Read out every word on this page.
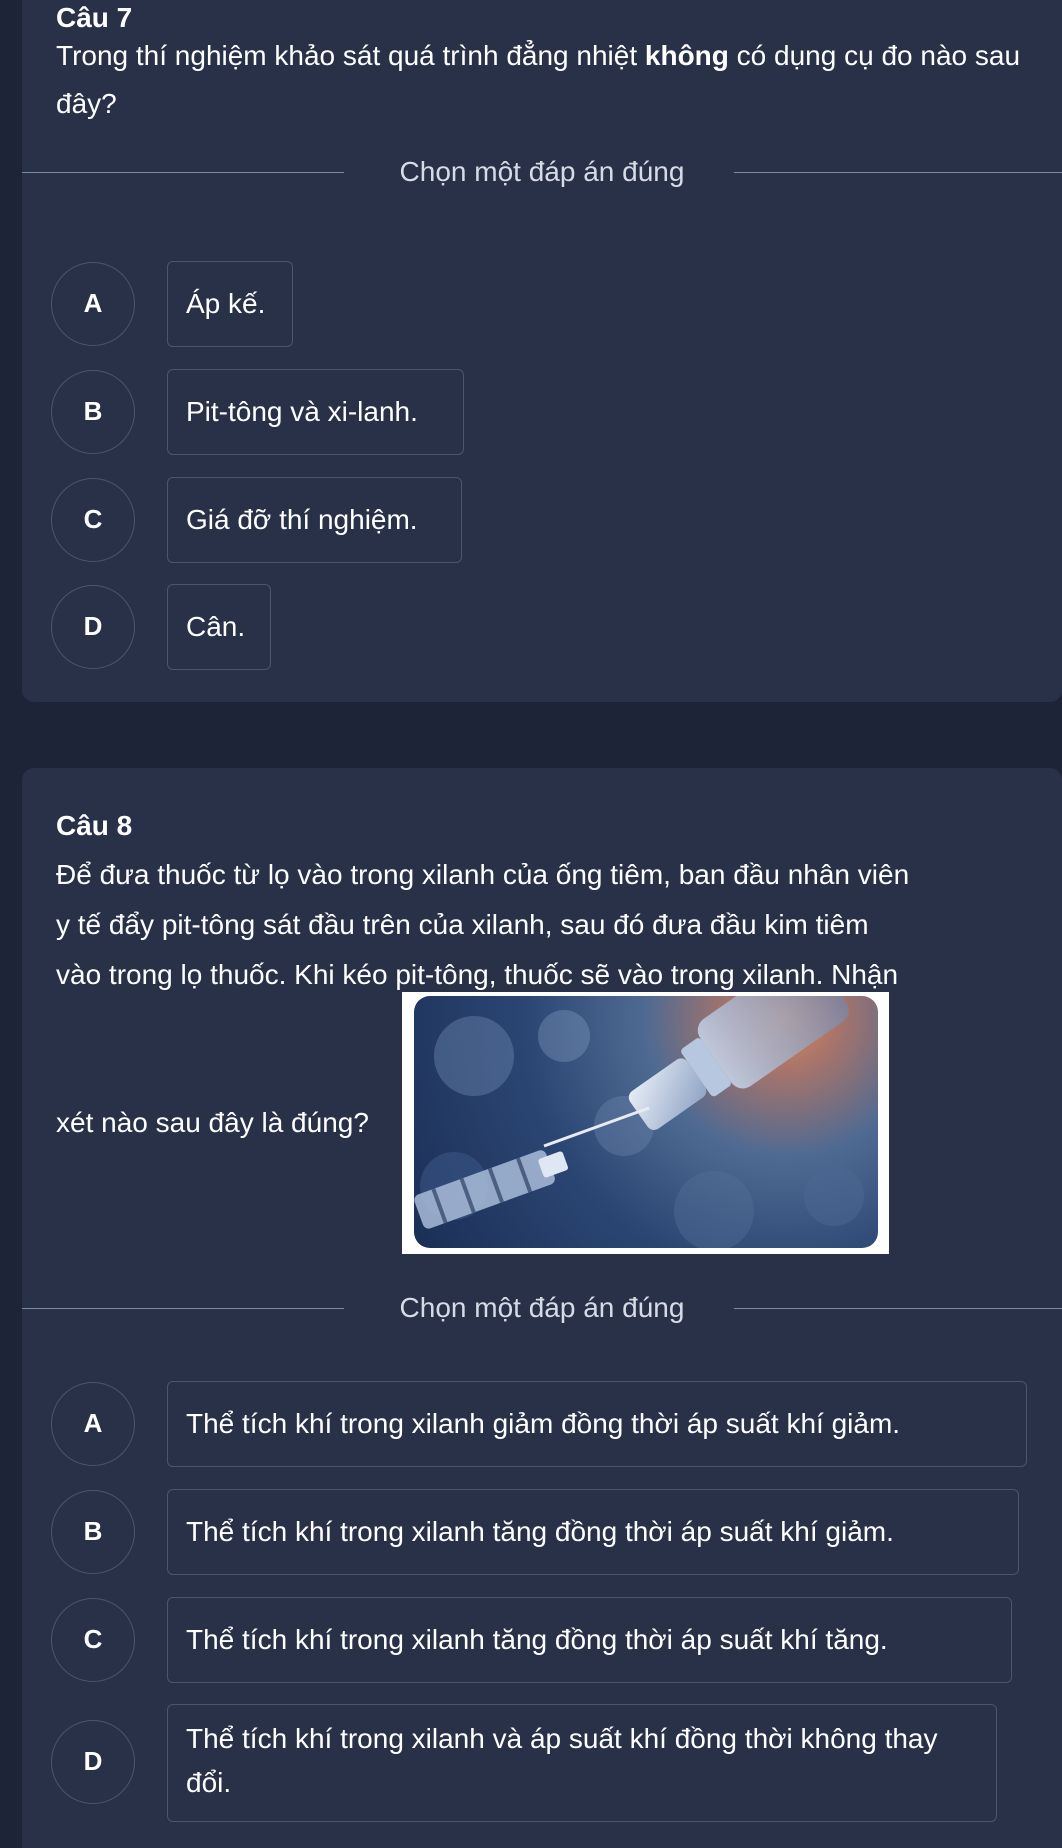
Câu 7
Trong thí nghiệm khảo sát quá trình đẳng nhiệt không có dụng cụ đo nào sau đây?
Chọn một đáp án đúng
A	Áp kế.
B	Pit-tông và xi-lanh.
C	Giá đỡ thí nghiệm.
D	Cân.
Câu 8
Để đưa thuốc từ lọ vào trong xilanh của ống tiêm, ban đầu nhân viên
y tế đẩy pit-tông sát đầu trên của xilanh, sau đó đưa đầu kim tiêm
vào trong lọ thuốc. Khi kéo pit-tông, thuốc sẽ vào trong xilanh. Nhận
xét nào sau đây là đúng?
Chọn một đáp án đúng
A	Thể tích khí trong xilanh giảm đồng thời áp suất khí giảm.
B	Thể tích khí trong xilanh tăng đồng thời áp suất khí giảm.
C	Thể tích khí trong xilanh tăng đồng thời áp suất khí tăng.
D
Thể tích khí trong xilanh và áp suất khí đồng thời không thay đổi.
